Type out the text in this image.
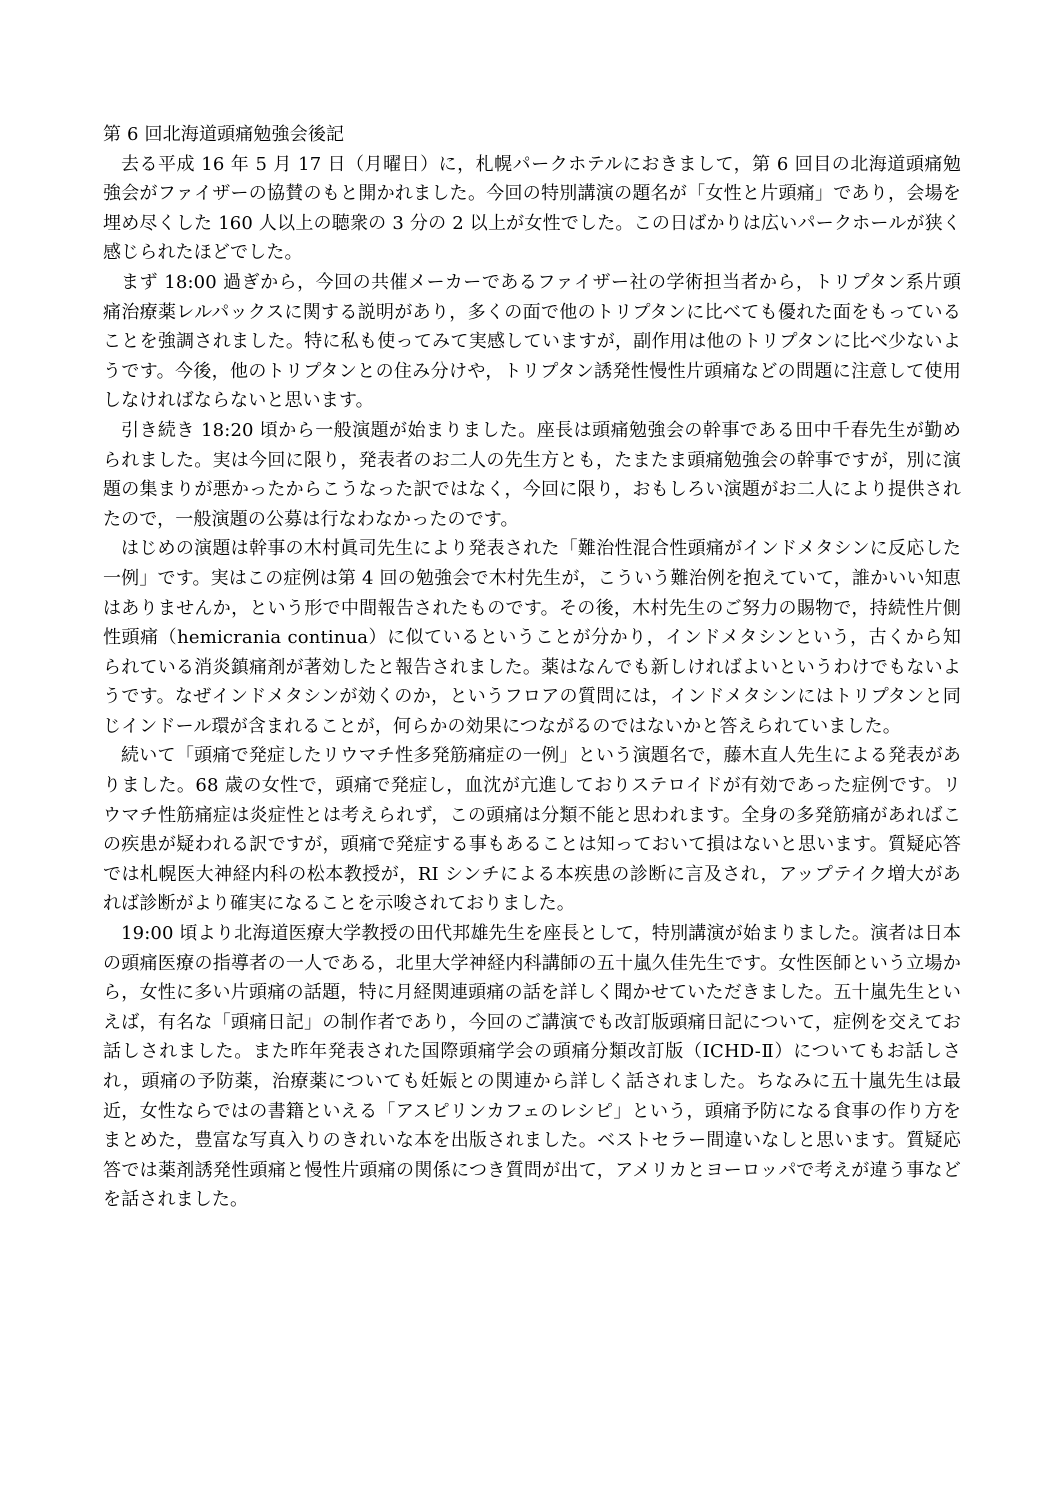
第 6 回北海道頭痛勉強会後記

去る平成 16 年 5 月 17 日（月曜日）に，札幌パークホテルにおきまして，第 6 回目の北海道頭痛勉強会がファイザーの協賛のもと開かれました。今回の特別講演の題名が「女性と片頭痛」であり，会場を埋め尽くした 160 人以上の聴衆の 3 分の 2 以上が女性でした。この日ばかりは広いパークホールが狭く感じられたほどでした。

まず 18:00 過ぎから，今回の共催メーカーであるファイザー社の学術担当者から，トリプタン系片頭痛治療薬レルパックスに関する説明があり，多くの面で他のトリプタンに比べても優れた面をもっていることを強調されました。特に私も使ってみて実感していますが，副作用は他のトリプタンに比べ少ないようです。今後，他のトリプタンとの住み分けや，トリプタン誘発性慢性片頭痛などの問題に注意して使用しなければならないと思います。

引き続き 18:20 頃から一般演題が始まりました。座長は頭痛勉強会の幹事である田中千春先生が勤められました。実は今回に限り，発表者のお二人の先生方とも，たまたま頭痛勉強会の幹事ですが，別に演題の集まりが悪かったからこうなった訳ではなく，今回に限り，おもしろい演題がお二人により提供されたので，一般演題の公募は行なわなかったのです。

はじめの演題は幹事の木村眞司先生により発表された「難治性混合性頭痛がインドメタシンに反応した一例」です。実はこの症例は第 4 回の勉強会で木村先生が，こういう難治例を抱えていて，誰かいい知恵はありませんか，という形で中間報告されたものです。その後，木村先生のご努力の賜物で，持続性片側性頭痛（hemicrania continua）に似ているということが分かり，インドメタシンという，古くから知られている消炎鎮痛剤が著効したと報告されました。薬はなんでも新しければよいというわけでもないようです。なぜインドメタシンが効くのか，というフロアの質問には，インドメタシンにはトリプタンと同じインドール環が含まれることが，何らかの効果につながるのではないかと答えられていました。

続いて「頭痛で発症したリウマチ性多発筋痛症の一例」という演題名で，藤木直人先生による発表がありました。68 歳の女性で，頭痛で発症し，血沈が亢進しておりステロイドが有効であった症例です。リウマチ性筋痛症は炎症性とは考えられず，この頭痛は分類不能と思われます。全身の多発筋痛があればこの疾患が疑われる訳ですが，頭痛で発症する事もあることは知っておいて損はないと思います。質疑応答では札幌医大神経内科の松本教授が，RI シンチによる本疾患の診断に言及され，アップテイク増大があれば診断がより確実になることを示唆されておりました。

19:00 頃より北海道医療大学教授の田代邦雄先生を座長として，特別講演が始まりました。演者は日本の頭痛医療の指導者の一人である，北里大学神経内科講師の五十嵐久佳先生です。女性医師という立場から，女性に多い片頭痛の話題，特に月経関連頭痛の話を詳しく聞かせていただきました。五十嵐先生といえば，有名な「頭痛日記」の制作者であり，今回のご講演でも改訂版頭痛日記について，症例を交えてお話しされました。また昨年発表された国際頭痛学会の頭痛分類改訂版（ICHD-Ⅱ）についてもお話しされ，頭痛の予防薬，治療薬についても妊娠との関連から詳しく話されました。ちなみに五十嵐先生は最近，女性ならではの書籍といえる「アスピリンカフェのレシピ」という，頭痛予防になる食事の作り方をまとめた，豊富な写真入りのきれいな本を出版されました。ベストセラー間違いなしと思います。質疑応答では薬剤誘発性頭痛と慢性片頭痛の関係につき質問が出て，アメリカとヨーロッパで考えが違う事などを話されました。
